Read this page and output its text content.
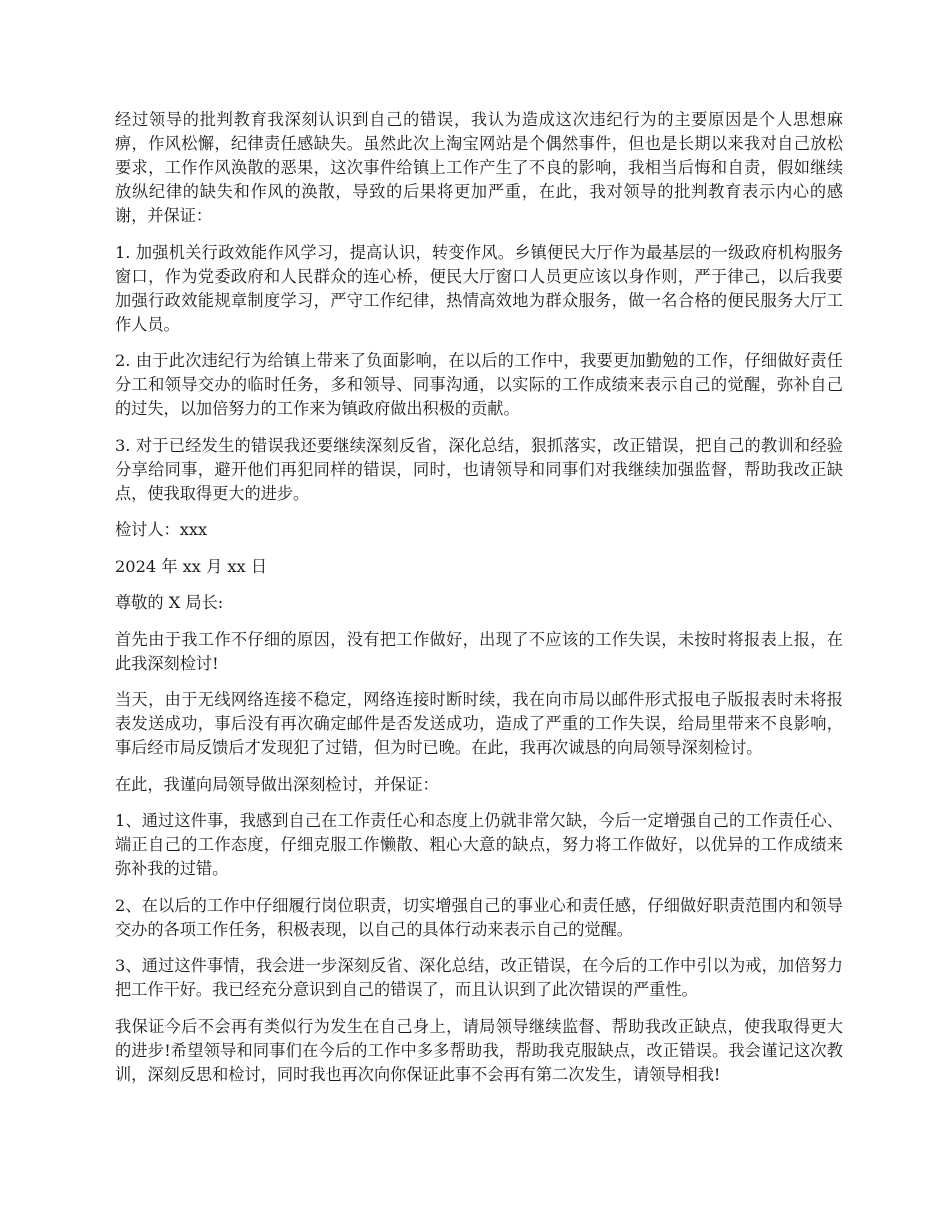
经过领导的批判教育我深刻认识到自己的错误，我认为造成这次违纪行为的主要原因是个人思想麻痹，作风松懈，纪律责任感缺失。虽然此次上淘宝网站是个偶然事件，但也是长期以来我对自己放松要求，工作作风涣散的恶果，这次事件给镇上工作产生了不良的影响，我相当后悔和自责，假如继续放纵纪律的缺失和作风的涣散，导致的后果将更加严重，在此，我对领导的批判教育表示内心的感谢，并保证：

1. 加强机关行政效能作风学习，提高认识，转变作风。乡镇便民大厅作为最基层的一级政府机构服务窗口，作为党委政府和人民群众的连心桥，便民大厅窗口人员更应该以身作则，严于律己，以后我要加强行政效能规章制度学习，严守工作纪律，热情高效地为群众服务，做一名合格的便民服务大厅工作人员。

2. 由于此次违纪行为给镇上带来了负面影响，在以后的工作中，我要更加勤勉的工作，仔细做好责任分工和领导交办的临时任务，多和领导、同事沟通，以实际的工作成绩来表示自己的觉醒，弥补自己的过失，以加倍努力的工作来为镇政府做出积极的贡献。

3. 对于已经发生的错误我还要继续深刻反省，深化总结，狠抓落实，改正错误，把自己的教训和经验分享给同事，避开他们再犯同样的错误，同时，也请领导和同事们对我继续加强监督，帮助我改正缺点，使我取得更大的进步。

检讨人：xxx

2024 年 xx 月 xx 日

尊敬的 X 局长:

首先由于我工作不仔细的原因，没有把工作做好，出现了不应该的工作失误，未按时将报表上报，在此我深刻检讨!

当天，由于无线网络连接不稳定，网络连接时断时续，我在向市局以邮件形式报电子版报表时未将报表发送成功，事后没有再次确定邮件是否发送成功，造成了严重的工作失误，给局里带来不良影响，事后经市局反馈后才发现犯了过错，但为时已晚。在此，我再次诚恳的向局领导深刻检讨。

在此，我谨向局领导做出深刻检讨，并保证：

1、通过这件事，我感到自己在工作责任心和态度上仍就非常欠缺，今后一定增强自己的工作责任心、端正自己的工作态度，仔细克服工作懒散、粗心大意的缺点，努力将工作做好，以优异的工作成绩来弥补我的过错。

2、在以后的工作中仔细履行岗位职责，切实增强自己的事业心和责任感，仔细做好职责范围内和领导交办的各项工作任务，积极表现，以自己的具体行动来表示自己的觉醒。

3、通过这件事情，我会进一步深刻反省、深化总结，改正错误，在今后的工作中引以为戒，加倍努力把工作干好。我已经充分意识到自己的错误了，而且认识到了此次错误的严重性。

我保证今后不会再有类似行为发生在自己身上，请局领导继续监督、帮助我改正缺点，使我取得更大的进步!希望领导和同事们在今后的工作中多多帮助我，帮助我克服缺点，改正错误。我会谨记这次教训，深刻反思和检讨，同时我也再次向你保证此事不会再有第二次发生，请领导相我!
